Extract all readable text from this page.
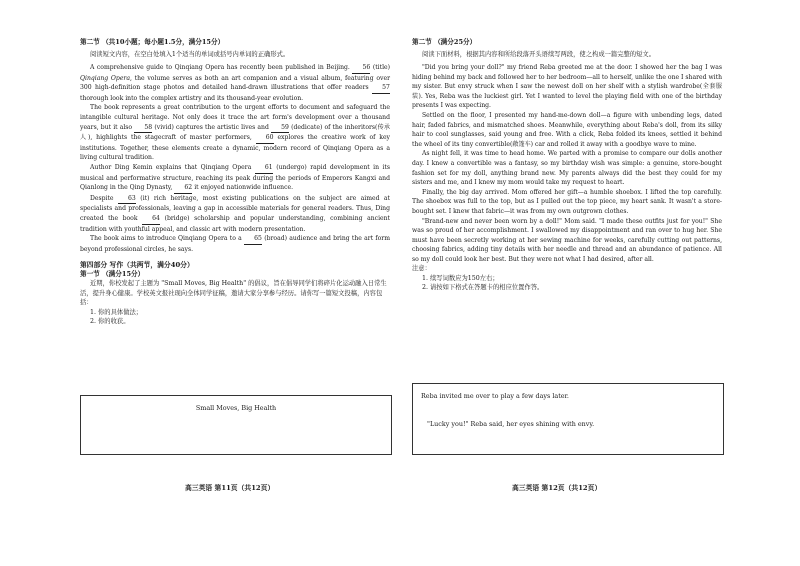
第二节 （共10小题；每小题1.5分，满分15分）
阅读短文内容，在空白处填入1个适当的单词或括号内单词的正确形式。

A comprehensive guide to Qinqiang Opera has recently been published in Beijing. 56 (title) Qinqiang Opera, the volume serves as both an art companion and a visual album, featuring over 300 high-definition stage photos and detailed hand-drawn illustrations that offer readers 57 thorough look into the complex artistry and its thousand-year evolution.

The book represents a great contribution to the urgent efforts to document and safeguard the intangible cultural heritage. Not only does it trace the art form's development over a thousand years, but it also 58 (vivid) captures the artistic lives and 59 (dedicate) of the inheritors(传承人), highlights the stagecraft of master performers, 60 explores the creative work of key institutions. Together, these elements create a dynamic, modern record of Qinqiang Opera as a living cultural tradition.

Author Ding Kemin explains that Qinqiang Opera 61 (undergo) rapid development in its musical and performative structure, reaching its peak during the periods of Emperors Kangxi and Qianlong in the Qing Dynasty, 62 it enjoyed nationwide influence.

Despite 63 (it) rich heritage, most existing publications on the subject are aimed at specialists and professionals, leaving a gap in accessible materials for general readers. Thus, Ding created the book 64 (bridge) scholarship and popular understanding, combining ancient tradition with youthful appeal, and classic art with modern presentation.

The book aims to introduce Qinqiang Opera to a 65 (broad) audience and bring the art form beyond professional circles, he says.

第四部分 写作（共两节，满分40分）
第一节 （满分15分）

近期，你校发起了主题为 "Small Moves, Big Health" 的倡议，旨在倡导同学们将碎片化运动融入日常生活，提升身心健康。学校英文报社现向全体同学征稿，邀请大家分享参与经历。请你写一篇短文投稿，内容包括：

1. 你的具体做法；
2. 你的收获。
Small Moves, Big Health
第二节 （满分25分）
阅读下面材料，根据其内容和所给段落开头语续写两段，使之构成一篇完整的短文。

"Did you bring your doll?" my friend Reba greeted me at the door. I showed her the bag I was hiding behind my back and followed her to her bedroom—all to herself, unlike the one I shared with my sister. But envy struck when I saw the newest doll on her shelf with a stylish wardrobe(全套服装). Yes, Reba was the luckiest girl. Yet I wanted to level the playing field with one of the birthday presents I was expecting.

Settled on the floor, I presented my hand-me-down doll—a figure with unbending legs, dated hair, faded fabrics, and mismatched shoes. Meanwhile, everything about Reba's doll, from its silky hair to cool sunglasses, said young and free. With a click, Reba folded its knees, settled it behind the wheel of its tiny convertible(敞篷车) car and rolled it away with a goodbye wave to mine.

As night fell, it was time to head home. We parted with a promise to compare our dolls another day. I knew a convertible was a fantasy, so my birthday wish was simple: a genuine, store-bought fashion set for my doll, anything brand new. My parents always did the best they could for my sisters and me, and I knew my mom would take my request to heart.

Finally, the big day arrived. Mom offered her gift—a humble shoebox. I lifted the top carefully. The shoebox was full to the top, but as I pulled out the top piece, my heart sank. It wasn't a store-bought set. I knew that fabric—it was from my own outgrown clothes.

"Brand-new and never been worn by a doll!" Mom said. "I made these outfits just for you!" She was so proud of her accomplishment. I swallowed my disappointment and ran over to hug her. She must have been secretly working at her sewing machine for weeks, carefully cutting out patterns, choosing fabrics, adding tiny details with her needle and thread and an abundance of patience. All so my doll could look her best. But they were not what I had desired, after all.

注意：
1. 续写词数应为150左右；
2. 请按如下格式在答题卡的相应位置作答。
Reba invited me over to play a few days later.
"Lucky you!" Reba said, her eyes shining with envy.
高三英语 第11页（共12页）	高三英语 第12页（共12页）
